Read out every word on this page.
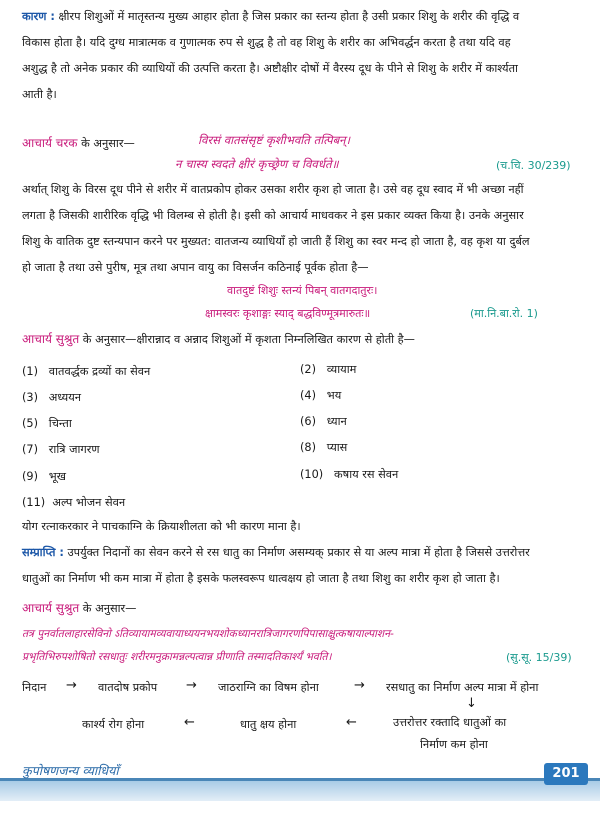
कारण : क्षीरप शिशुओं में मातृस्तन्य मुख्य आहार होता है जिस प्रकार का स्तन्य होता है उसी प्रकार शिशु के शरीर की वृद्धि व
विकास होता है। यदि दुग्ध मात्रात्मक व गुणात्मक रुप से शुद्ध है तो वह शिशु के शरीर का अभिवर्द्धन करता है तथा यदि वह
अशुद्ध है तो अनेक प्रकार की व्याधियों की उत्पत्ति करता है। अष्टौक्षीर दोषों में वैरस्य दूध के पीने से शिशु के शरीर में कार्श्यता
आती है।
आचार्य चरक के अनुसार—	विरसं वातसंसृष्टं कृशीभवति तत्पिबन्।
न चास्य स्वदते क्षीरं कृच्छ्रेण च विवर्धते॥	(च.चि. 30/239)
अर्थात् शिशु के विरस दूध पीने से शरीर में वातप्रकोप होकर उसका शरीर कृश हो जाता है। उसे वह दूध स्वाद में भी अच्छा नहीं
लगता है जिसकी शारीरिक वृद्धि भी विलम्ब से होती है। इसी को आचार्य माधवकर ने इस प्रकार व्यक्त किया है। उनके अनुसार
शिशु के वातिक दुष्ट स्तन्यपान करने पर मुख्यत: वातजन्य व्याधियाँ हो जाती हैं शिशु का स्वर मन्द हो जाता है, वह कृश या दुर्बल
हो जाता है तथा उसे पुरीष, मूत्र तथा अपान वायु का विसर्जन कठिनाई पूर्वक होता है—
वातदुष्टं शिशुः स्तन्यं पिबन् वातगदातुरः।
क्षामस्वरः कृशाङ्गः स्याद् बद्धविण्मूत्रमारुतः॥	(मा.नि.बा.रो. 1)
आचार्य सुश्रुत के अनुसार—क्षीरान्नाद व अन्नाद शिशुओं में कृशता निम्नलिखित कारण से होती है—
(1) वातवर्द्धक द्रव्यों का सेवन	(2) व्यायाम
(3) अध्ययन	(4) भय
(5) चिन्ता	(6) ध्यान
(7) रात्रि जागरण	(8) प्यास
(9) भूख	(10) कषाय रस सेवन
(11) अल्प भोजन सेवन
योग रत्नाकरकार ने पाचकाग्नि के क्रियाशीलता को भी कारण माना है।
सम्प्राप्ति : उपर्युक्त निदानों का सेवन करने से रस धातु का निर्माण असम्यक् प्रकार से या अल्प मात्रा में होता है जिससे उत्तरोत्तर
धातुओं का निर्माण भी कम मात्रा में होता है इसके फलस्वरूप धात्वक्षय हो जाता है तथा शिशु का शरीर कृश हो जाता है।
आचार्य सुश्रुत के अनुसार—
तत्र पुनर्वातलाहारसेविनो ऽतिव्यायामव्यवायाध्ययनभयशोकध्यानरात्रिजागरणपिपासाक्षुत्कषायाल्पाशन-
प्रभृतिभिरुपशोषितो रसधातुः शरीरमनुक्रामन्नल्पत्वान्न प्रीणाति तस्मादतिकार्श्यं भवति।	(सु.सू. 15/39)
निदान → वातदोष प्रकोप → जाठराग्नि का विषम होना	→ रसधातु का निर्माण अल्प मात्रा में होना
↓
कार्श्य रोग होना	←	धातु क्षय होना	←	उत्तरोत्तर रक्तादि धातुओं का
निर्माण कम होना
कुपोषणजन्य व्याधियाँ	201
